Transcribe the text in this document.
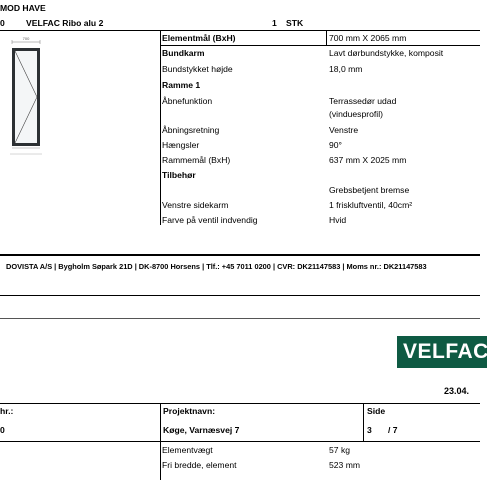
MOD HAVE
0 VELFAC Ribo alu 2	1 STK
700	Elementmål (BxH)	700 mm X 2065 mm
Bundkarm	Lavt dørbundstykke, komposit
Bundstykket højde	18,0 mm
Ramme 1
Åbnefunktion	Terrassedør udad
(vinduesprofil)
Åbningsretning	Venstre
Hængsler	90°
Rammemål (BxH)	637 mm X 2025 mm
Tilbehør
Grebsbetjent bremse
Venstre sidekarm	1 friskluftventil, 40cm²
Farve på ventil indvendig	Hvid
DOVISTA A/S | Bygholm Søpark 21D | DK-8700 Horsens | Tlf.: +45 7011 0200 | CVR: DK21147583 | Moms nr.: DK21147583
VELFAC
23.04.
hr.:
0
Projektnavn:
Køge, Varnæsvej 7
Side
3 / 7
Elementvægt	57 kg
Fri bredde, element	523 mm
